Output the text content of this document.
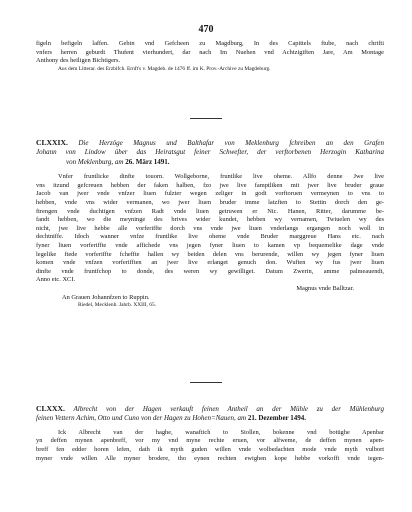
470
figeln befigeln laffen. Gebin vnd Gefcheen zu Magdburg, In des Capittels ftube, nach chrifti
vnfers herren geburdt Thufent vierhundert, dar nach Im Nuehen vnd Achtzigiften Jare, Am Montage
Anthony des heiligen Bichtigers.
Aus dem Litterar. des Erzbifch. Ernft's v. Magdeb. de 1476 ff. im K. Prov.-Archive zu Magdeburg.
CLXXIX. Die Herzöge Magnus und Balthafar von Meklenburg fchreiben an den Grafen
Johann von Lindow über das Heiratsgut feiner Schwefter, der verftorbenen Herzogin Katharina
von Meklenburg, am 26. März 1491.
Vnfer fruntlicke dinfte touorn. Wollgeborne, fruntlike live oheme. Allfo denne Jwe live
vns itzund gefcreuen hebben der faken halben, fzo jwe live famptliken mit jwer live bruder graue
Jacob van jwer vnde vnfzer liuen fulzter wegen zeliger in godt vorftoruen vermeynen to vns to
hebben, vnde vns wider vermanen, wo jwer liuen bruder imme latzften to Stettin dorch den ge-
ftrengen vnde duchtigen vnfzen Radt vnde liuen getruwen er Nic. Hanen, Ritter, darumme be-
fandt hebben, wo die meyninge des brives wider kundet, hebben wy vernamen, Twiuelen wy des
nicht, jwe live hebbe alle vorferiffte dorch vns vnde jwe liuen vnderlangs ergangen noch woll in
dechtniffe. Idoch wanner vnfze fruntlike live oheme vnde Bruder marggreue Hans etc. nach
fyner liuen vorferiffte vnde affichede vns jegen fyner liuen to kamen vp bequemelike dage vnde
legelike ftede vorferiffte fcheffte hallen wy beiden delen vns berurende, willen wy jegen fyner liuen
komen vnde vnfzen vorferifften an jwer live erlanget genuch don. Wuften wy fus jwer liuen
dinfte vnde fruntfchop to donde, des weren wy gewilliget. Datum Zwerin, amme palmeauendt,
Anno etc. XCI.
Magnus vnde Balltzar.
An Grauen Johannfzen to Ruppin.
Riedel, Mecklenb. Jahrb. XXIII, 65.
CLXXX. Albrecht von der Hagen verkauft feinen Antheil an der Mühle zu der Mühlenburg
feinen Vettern Achim, Otto und Cuno von der Hagen zu Hohen=Nauen, am 21. Dezember 1494.
Ick Albrecht van der haghe, wanaftich to Stollen, bokenne vnd botüghe Apenbar
yn deffen mynen apenbreff, vor my vnd myne rechte eruen, vor alfweme, de deffen mynen apen-
breff fen edder horen lefen, dath ik myth guden willen vnde wolbedachten mode vnde myth vulbort
myner vnde willen Alle myner brodere, tho eynen rechten ewighen kope hebbe vorkofft vnde iegen-
